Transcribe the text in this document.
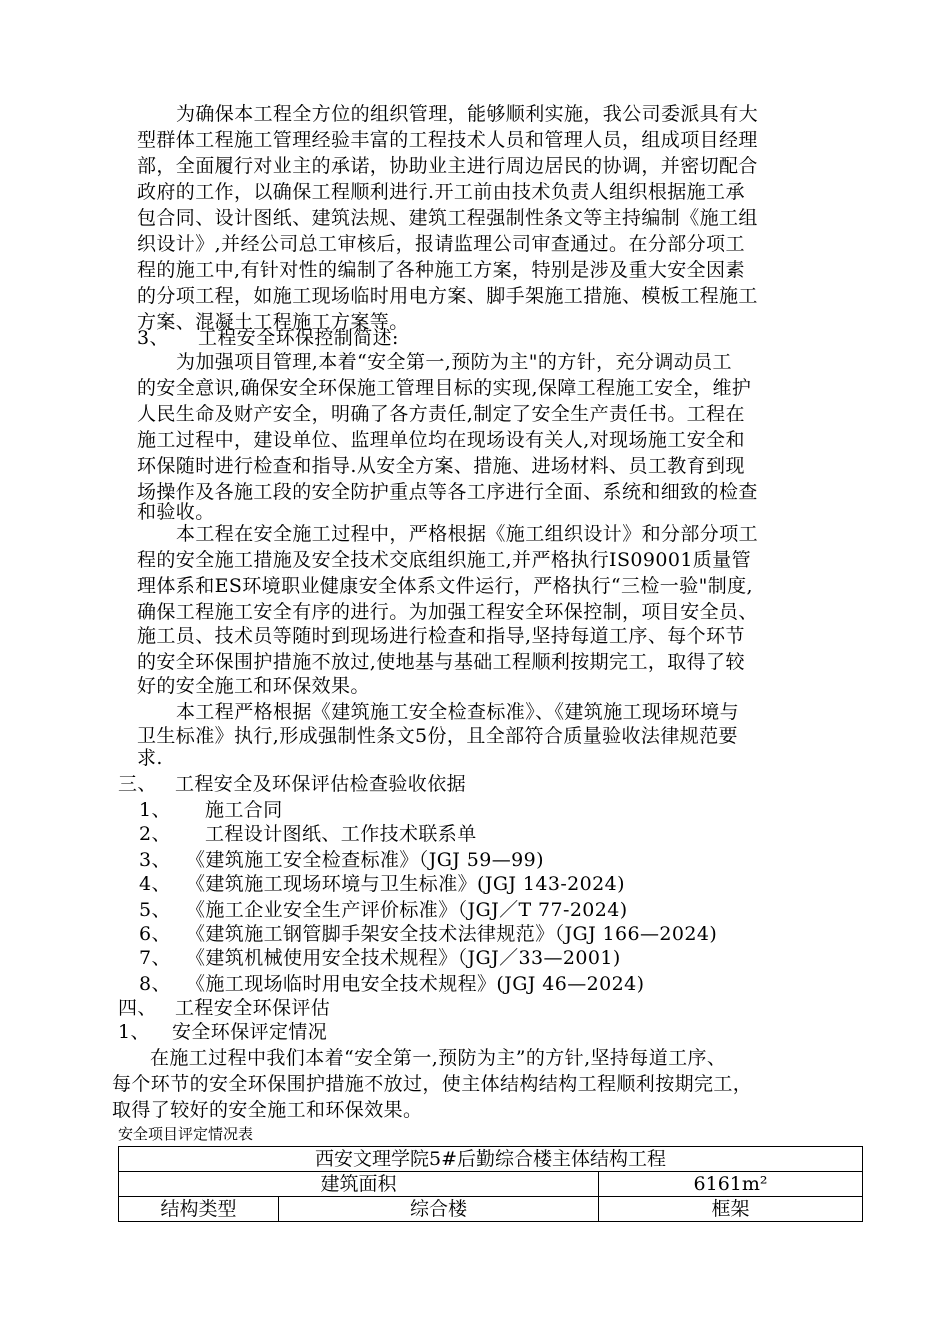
为确保本工程全方位的组织管理，能够顺利实施，我公司委派具有大
型群体工程施工管理经验丰富的工程技术人员和管理人员，组成项目经理
部，全面履行对业主的承诺，协助业主进行周边居民的协调，并密切配合
政府的工作，以确保工程顺利进行.开工前由技术负责人组织根据施工承
包合同、设计图纸、建筑法规、建筑工程强制性条文等主持编制《施工组
织设计》,并经公司总工审核后，报请监理公司审查通过。在分部分项工
程的施工中,有针对性的编制了各种施工方案，特别是涉及重大安全因素
的分项工程，如施工现场临时用电方案、脚手架施工措施、模板工程施工
方案、混凝土工程施工方案等。
3、 工程安全环保控制简述:
为加强项目管理,本着“安全第一,预防为主"的方针，充分调动员工
的安全意识,确保安全环保施工管理目标的实现,保障工程施工安全，维护
人民生命及财产安全，明确了各方责任,制定了安全生产责任书。工程在
施工过程中，建设单位、监理单位均在现场设有关人,对现场施工安全和
环保随时进行检查和指导.从安全方案、措施、进场材料、员工教育到现
场操作及各施工段的安全防护重点等各工序进行全面、系统和细致的检查
和验收。
本工程在安全施工过程中，严格根据《施工组织设计》和分部分项工
程的安全施工措施及安全技术交底组织施工,并严格执行IS09001质量管
理体系和ES环境职业健康安全体系文件运行，严格执行“三检一验"制度,
确保工程施工安全有序的进行。为加强工程安全环保控制，项目安全员、
施工员、技术员等随时到现场进行检查和指导,坚持每道工序、每个环节
的安全环保围护措施不放过,使地基与基础工程顺利按期完工，取得了较
好的安全施工和环保效果。
本工程严格根据《建筑施工安全检查标准》、《建筑施工现场环境与
卫生标准》执行,形成强制性条文5份，且全部符合质量验收法律规范要
求.
三、 工程安全及环保评估检查验收依据
1、 施工合同
2、 工程设计图纸、工作技术联系单
3、 《建筑施工安全检查标准》（JGJ 59—99)
4、 《建筑施工现场环境与卫生标准》(JGJ 143-2024)
5、 《施工企业安全生产评价标准》（JGJ／T 77-2024)
6、 《建筑施工钢管脚手架安全技术法律规范》（JGJ 166—2024)
7、 《建筑机械使用安全技术规程》（JGJ／33—2001)
8、 《施工现场临时用电安全技术规程》(JGJ 46—2024)
四、 工程安全环保评估
1、 安全环保评定情况
在施工过程中我们本着“安全第一,预防为主”的方针,坚持每道工序、
每个环节的安全环保围护措施不放过，使主体结构结构工程顺利按期完工，
取得了较好的安全施工和环保效果。
安全项目评定情况表
西安文理学院5#后勤综合楼主体结构工程		
建筑面积		6161m²
结构类型	综合楼	框架
